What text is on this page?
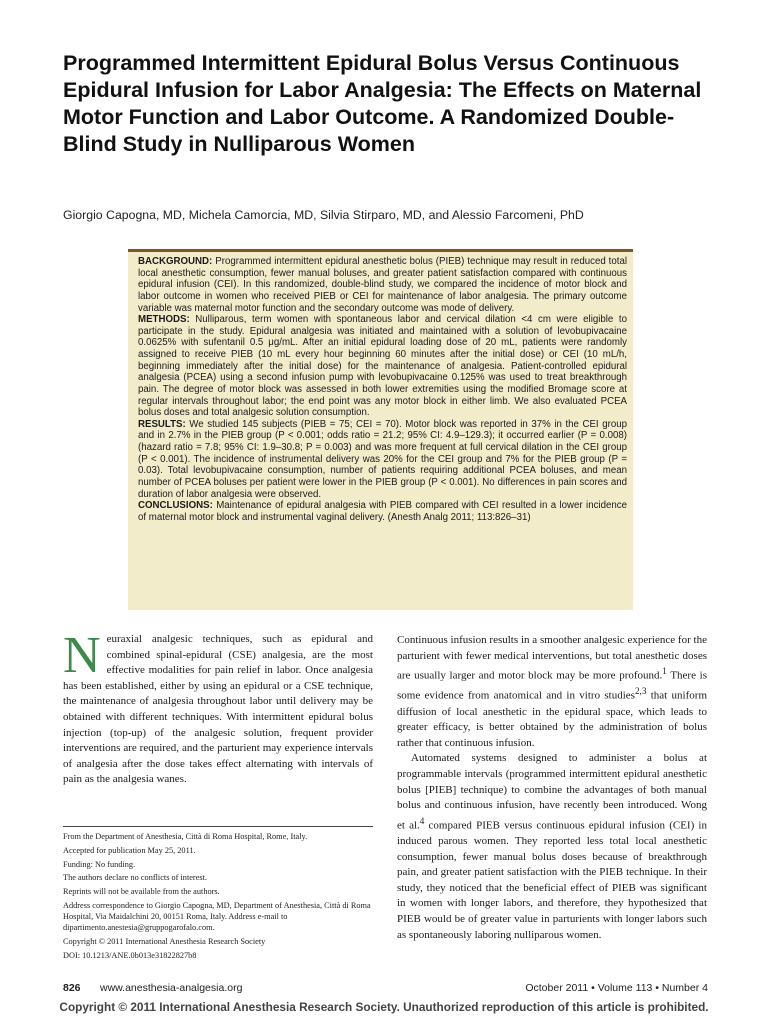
Programmed Intermittent Epidural Bolus Versus Continuous Epidural Infusion for Labor Analgesia: The Effects on Maternal Motor Function and Labor Outcome. A Randomized Double-Blind Study in Nulliparous Women
Giorgio Capogna, MD, Michela Camorcia, MD, Silvia Stirparo, MD, and Alessio Farcomeni, PhD

BACKGROUND: Programmed intermittent epidural anesthetic bolus (PIEB) technique may result in reduced total local anesthetic consumption, fewer manual boluses, and greater patient satisfaction compared with continuous epidural infusion (CEI). In this randomized, double-blind study, we compared the incidence of motor block and labor outcome in women who received PIEB or CEI for maintenance of labor analgesia. The primary outcome variable was maternal motor function and the secondary outcome was mode of delivery.

METHODS: Nulliparous, term women with spontaneous labor and cervical dilation <4 cm were eligible to participate in the study. Epidural analgesia was initiated and maintained with a solution of levobupivacaine 0.0625% with sufentanil 0.5 μg/mL. After an initial epidural loading dose of 20 mL, patients were randomly assigned to receive PIEB (10 mL every hour beginning 60 minutes after the initial dose) or CEI (10 mL/h, beginning immediately after the initial dose) for the maintenance of analgesia. Patient-controlled epidural analgesia (PCEA) using a second infusion pump with levobupivacaine 0.125% was used to treat breakthrough pain. The degree of motor block was assessed in both lower extremities using the modified Bromage score at regular intervals throughout labor; the end point was any motor block in either limb. We also evaluated PCEA bolus doses and total analgesic solution consumption.

RESULTS: We studied 145 subjects (PIEB = 75; CEI = 70). Motor block was reported in 37% in the CEI group and in 2.7% in the PIEB group (P < 0.001; odds ratio = 21.2; 95% CI: 4.9–129.3); it occurred earlier (P = 0.008) (hazard ratio = 7.8; 95% CI: 1.9–30.8; P = 0.003) and was more frequent at full cervical dilation in the CEI group (P < 0.001). The incidence of instrumental delivery was 20% for the CEI group and 7% for the PIEB group (P = 0.03). Total levobupivacaine consumption, number of patients requiring additional PCEA boluses, and mean number of PCEA boluses per patient were lower in the PIEB group (P < 0.001). No differences in pain scores and duration of labor analgesia were observed.

CONCLUSIONS: Maintenance of epidural analgesia with PIEB compared with CEI resulted in a lower incidence of maternal motor block and instrumental vaginal delivery. (Anesth Analg 2011; 113:826–31)

Neuraxial analgesic techniques, such as epidural and combined spinal-epidural (CSE) analgesia, are the most effective modalities for pain relief in labor. Once analgesia has been established, either by using an epidural or a CSE technique, the maintenance of analgesia throughout labor until delivery may be obtained with different techniques. With intermittent epidural bolus injection (top-up) of the analgesic solution, frequent provider interventions are required, and the parturient may experience intervals of analgesia after the dose takes effect alternating with intervals of pain as the analgesia wanes.

Continuous infusion results in a smoother analgesic experience for the parturient with fewer medical interventions, but total anesthetic doses are usually larger and motor block may be more profound.$^1$ There is some evidence from anatomical and in vitro studies$^{2,3}$ that uniform diffusion of local anesthetic in the epidural space, which leads to greater efficacy, is better obtained by the administration of bolus rather that continuous infusion.

Automated systems designed to administer a bolus at programmable intervals (programmed intermittent epidural anesthetic bolus [PIEB] technique) to combine the advantages of both manual bolus and continuous infusion, have recently been introduced. Wong et al.$^4$ compared PIEB versus continuous epidural infusion (CEI) in induced parous women. They reported less total local anesthetic consumption, fewer manual bolus doses because of breakthrough pain, and greater patient satisfaction with the PIEB technique. In their study, they noticed that the beneficial effect of PIEB was significant in women with longer labors, and therefore, they hypothesized that PIEB would be of greater value in parturients with longer labors such as spontaneously laboring nulliparous women.

From the Department of Anesthesia, Città di Roma Hospital, Rome, Italy.

Accepted for publication May 25, 2011.

Funding: No funding.

The authors declare no conflicts of interest.

Reprints will not be available from the authors.

Address correspondence to Giorgio Capogna, MD, Department of Anesthesia, Città di Roma Hospital, Via Maidalchini 20, 00151 Roma, Italy. Address e-mail to dipartimento.anestesia@gruppogarofalo.com.

Copyright © 2011 International Anesthesia Research Society

DOI: 10.1213/ANE.0b013e31822827b8

826 www.anesthesia-analgesia.org	October 2011 • Volume 113 • Number 4
Copyright © 2011 International Anesthesia Research Society. Unauthorized reproduction of this article is prohibited.
